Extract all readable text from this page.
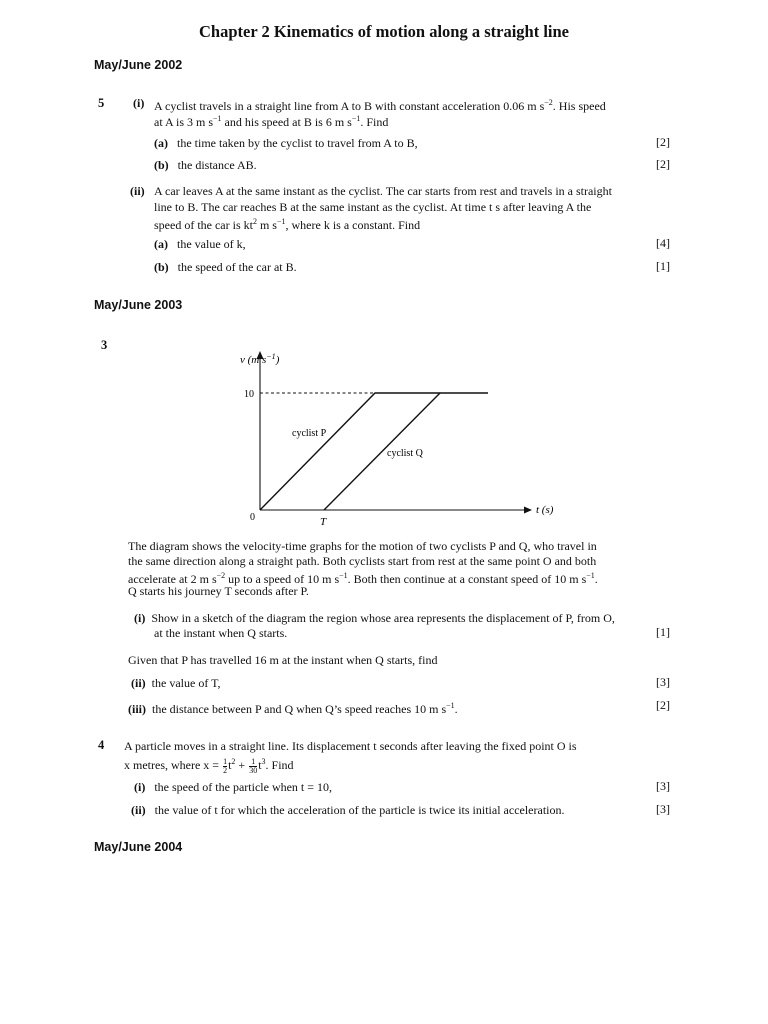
Chapter 2 Kinematics of motion along a straight line
May/June 2002
5 (i) A cyclist travels in a straight line from A to B with constant acceleration 0.06 m $s^{-2}$. His speed
at A is 3 m $s^{-1}$ and his speed at B is 6 m $s^{-1}$. Find
(a) the time taken by the cyclist to travel from A to B,	[2]
(b) the distance AB.	[2]
(ii) A car leaves A at the same instant as the cyclist. The car starts from rest and travels in a straight
line to B. The car reaches B at the same instant as the cyclist. At time t s after leaving A the
speed of the car is $kt^2$ m $s^{-1}$, where k is a constant. Find
(a) the value of k,	[4]
(b) the speed of the car at B.	[1]
May/June 2003
3
v (m $s^{-1}$)
10
0	T
t (s)
cyclist P
cyclist Q
The diagram shows the velocity-time graphs for the motion of two cyclists P and Q, who travel in
the same direction along a straight path. Both cyclists start from rest at the same point O and both
accelerate at 2 m $s^{-2}$ up to a speed of 10 m $s^{-1}$. Both then continue at a constant speed of 10 m $s^{-1}$.
Q starts his journey T seconds after P.
(i) Show in a sketch of the diagram the region whose area represents the displacement of P, from O,
at the instant when Q starts.	[1]
Given that P has travelled 16 m at the instant when Q starts, find
(ii) the value of T,	[3]
(iii) the distance between P and Q when Q’s speed reaches 10 m $s^{-1}$.	[2]
4 A particle moves in a straight line. Its displacement t seconds after leaving the fixed point O is
x metres, where $x = \frac{1}{2} t^2 + \frac{1}{30} t^3$. Find
(i) the speed of the particle when t = 10,	[3]
(ii) the value of t for which the acceleration of the particle is twice its initial acceleration.	[3]
May/June 2004
